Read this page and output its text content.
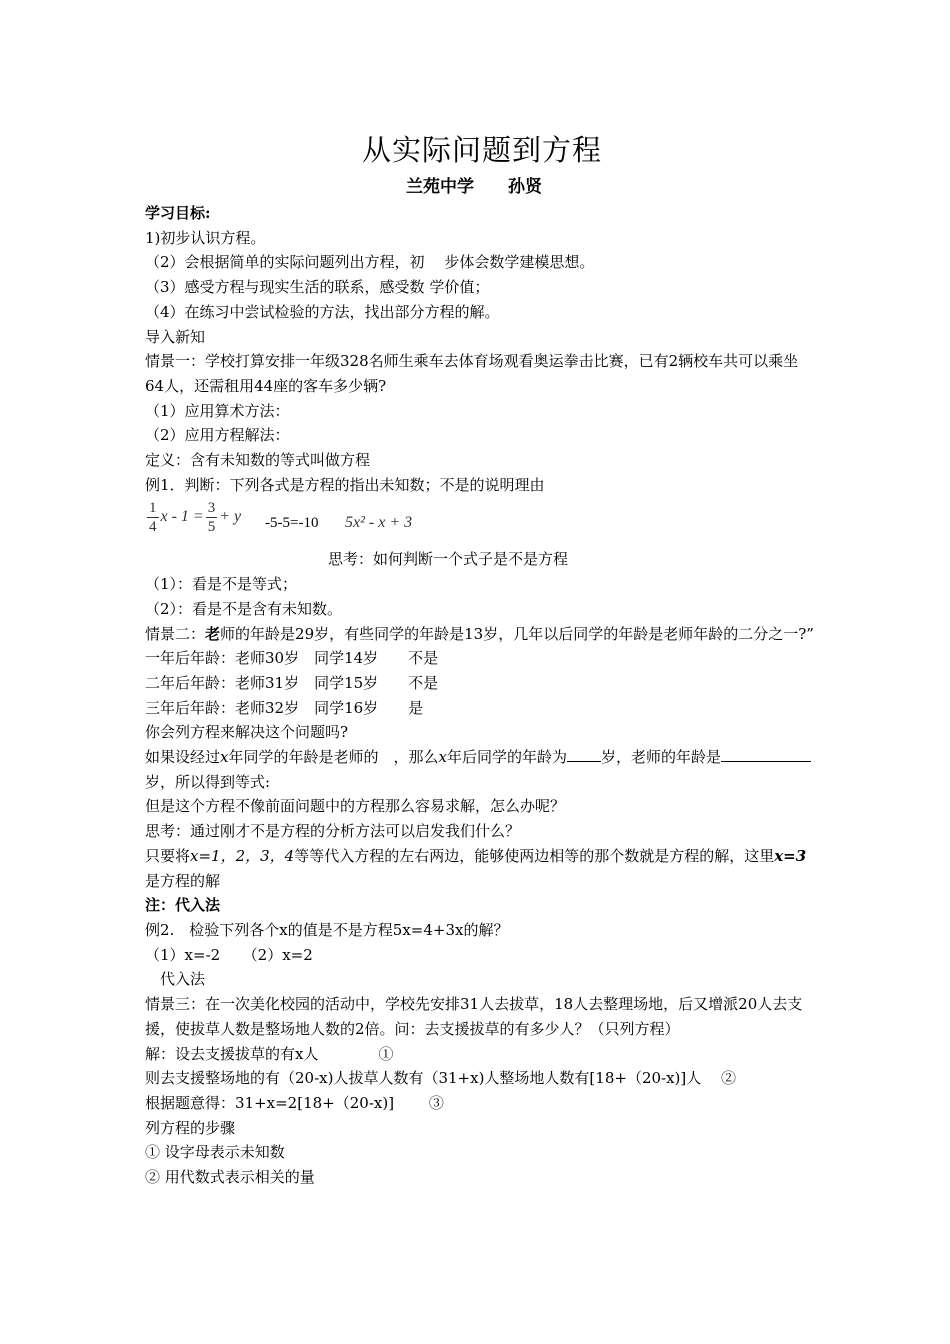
从实际问题到方程
兰苑中学 孙贤

学习目标:

1)初步认识方程。

（2）会根据简单的实际问题列出方程，初　 步体会数学建模思想。

（3）感受方程与现实生活的联系，感受数 学价值；

（4）在练习中尝试检验的方法，找出部分方程的解。

导入新知

情景一：学校打算安排一年级328名师生乘车去体育场观看奥运拳击比赛，已有2辆校车共可以乘坐64人，还需租用44座的客车多少辆?

（1）应用算术方法：

（2）应用方程解法：

定义：含有未知数的等式叫做方程

例1．判断：下列各式是方程的指出未知数；不是的说明理由

$\frac{1}{4}$ $x - 1 = \frac{3}{5} + y$ -5-5=-10 5x² - x + 3

思考：如何判断一个式子是不是方程

（1）：看是不是等式；

（2）：看是不是含有未知数。

情景二：老师的年龄是29岁，有些同学的年龄是13岁，几年以后同学的年龄是老师年龄的二分之一?”

一年后年龄：老师30岁　同学14岁　　不是

二年后年龄：老师31岁　同学15岁　　不是

三年后年龄：老师32岁　同学16岁　　是

你会列方程来解决这个问题吗?

如果设经过x年同学的年龄是老师的　，那么x年后同学的年龄为 岁，老师的年龄是岁，所以得到等式:

但是这个方程不像前面问题中的方程那么容易求解，怎么办呢？

思考：通过刚才不是方程的分析方法可以启发我们什么？

只要将x=1，2，3，4等等代入方程的左右两边，能够使两边相等的那个数就是方程的解，这里x=3 是方程的解

注：代入法

例2.　检验下列各个x的值是不是方程5x=4+3x的解？

（1）x=-2　　（2）x=2

代入法

情景三：在一次美化校园的活动中，学校先安排31人去拔草，18人去整理场地，后又增派20人去支援，使拔草人数是整场地人数的2倍。问：去支援拔草的有多少人？（只列方程）

解：设去支援拔草的有x人　　　　①

则去支援整场地的有（20-x)人拔草人数有（31+x)人整场地人数有[18+（20-x)]人　 ②

根据题意得：31+x=2[18+（20-x)]　　 ③

列方程的步骤

① 设字母表示未知数

② 用代数式表示相关的量
